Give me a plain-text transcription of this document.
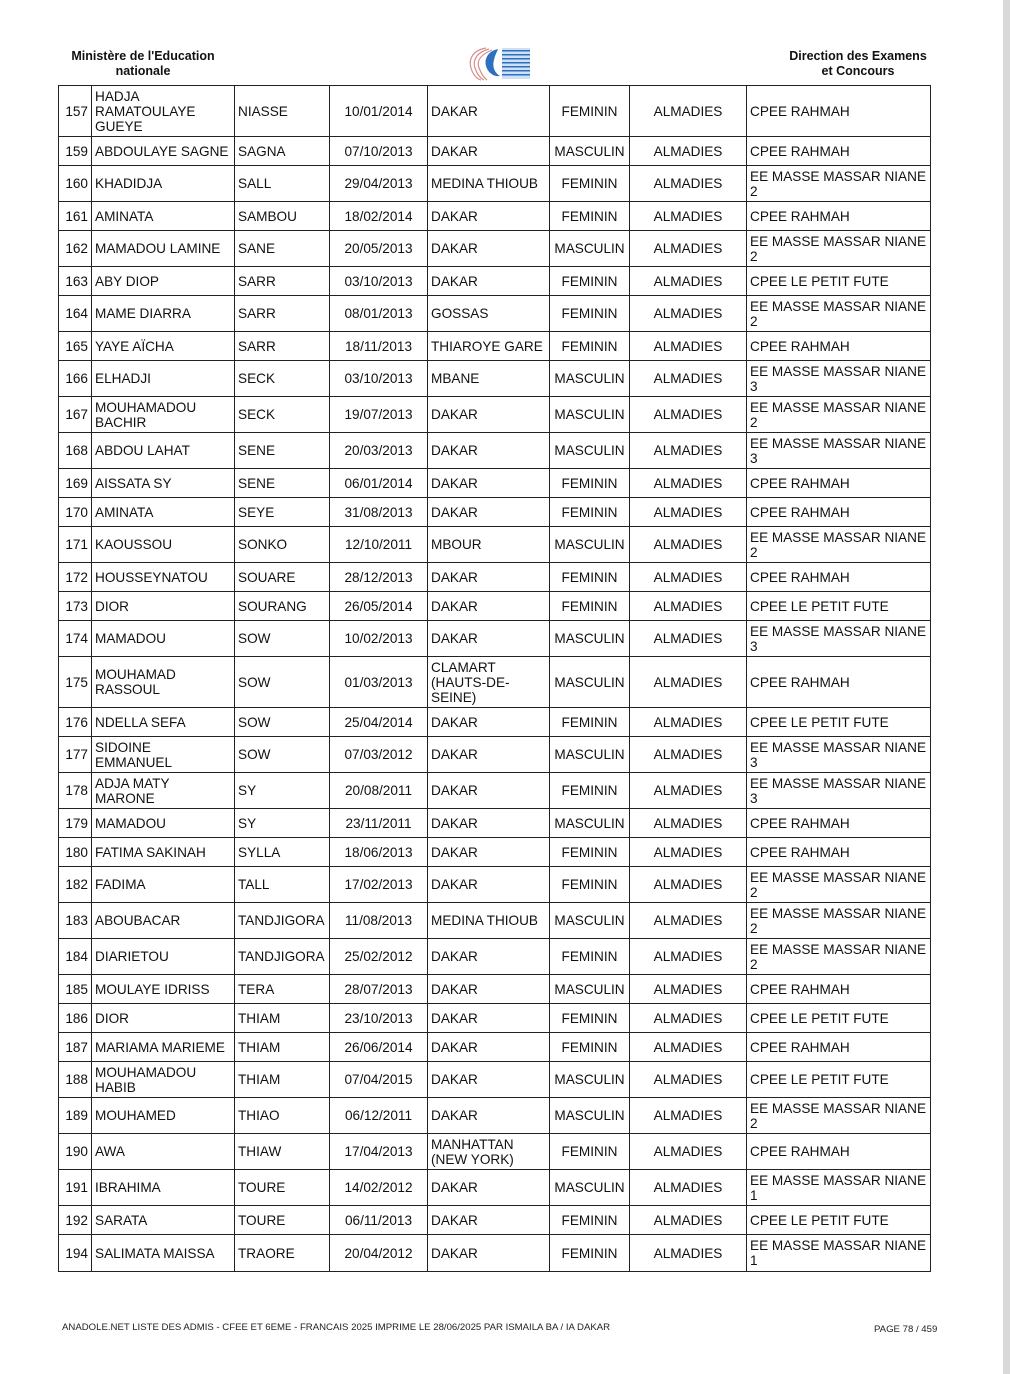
Ministère de l'Education
nationale
Direction des Examens
et Concours
157	HADJA RAMATOULAYE GUEYE	NIASSE	10/01/2014	DAKAR	FEMININ	ALMADIES	CPEE RAHMAH
159	ABDOULAYE SAGNE	SAGNA	07/10/2013	DAKAR	MASCULIN	ALMADIES	CPEE RAHMAH
160	KHADIDJA	SALL	29/04/2013	MEDINA THIOUB	FEMININ	ALMADIES	EE MASSE MASSAR NIANE 2
161	AMINATA	SAMBOU	18/02/2014	DAKAR	FEMININ	ALMADIES	CPEE RAHMAH
162	MAMADOU LAMINE	SANE	20/05/2013	DAKAR	MASCULIN	ALMADIES	EE MASSE MASSAR NIANE 2
163	ABY DIOP	SARR	03/10/2013	DAKAR	FEMININ	ALMADIES	CPEE LE PETIT FUTE
164	MAME DIARRA	SARR	08/01/2013	GOSSAS	FEMININ	ALMADIES	EE MASSE MASSAR NIANE 2
165	YAYE AÏCHA	SARR	18/11/2013	THIAROYE GARE	FEMININ	ALMADIES	CPEE RAHMAH
166	ELHADJI	SECK	03/10/2013	MBANE	MASCULIN	ALMADIES	EE MASSE MASSAR NIANE 3
167	MOUHAMADOU BACHIR	SECK	19/07/2013	DAKAR	MASCULIN	ALMADIES	EE MASSE MASSAR NIANE 2
168	ABDOU LAHAT	SENE	20/03/2013	DAKAR	MASCULIN	ALMADIES	EE MASSE MASSAR NIANE 3
169	AISSATA SY	SENE	06/01/2014	DAKAR	FEMININ	ALMADIES	CPEE RAHMAH
170	AMINATA	SEYE	31/08/2013	DAKAR	FEMININ	ALMADIES	CPEE RAHMAH
171	KAOUSSOU	SONKO	12/10/2011	MBOUR	MASCULIN	ALMADIES	EE MASSE MASSAR NIANE 2
172	HOUSSEYNATOU	SOUARE	28/12/2013	DAKAR	FEMININ	ALMADIES	CPEE RAHMAH
173	DIOR	SOURANG	26/05/2014	DAKAR	FEMININ	ALMADIES	CPEE LE PETIT FUTE
174	MAMADOU	SOW	10/02/2013	DAKAR	MASCULIN	ALMADIES	EE MASSE MASSAR NIANE 3
175	MOUHAMAD RASSOUL	SOW	01/03/2013	CLAMART (HAUTS-DE-SEINE)	MASCULIN	ALMADIES	CPEE RAHMAH
176	NDELLA SEFA	SOW	25/04/2014	DAKAR	FEMININ	ALMADIES	CPEE LE PETIT FUTE
177	SIDOINE EMMANUEL	SOW	07/03/2012	DAKAR	MASCULIN	ALMADIES	EE MASSE MASSAR NIANE 3
178	ADJA MATY MARONE	SY	20/08/2011	DAKAR	FEMININ	ALMADIES	EE MASSE MASSAR NIANE 3
179	MAMADOU	SY	23/11/2011	DAKAR	MASCULIN	ALMADIES	CPEE RAHMAH
180	FATIMA SAKINAH	SYLLA	18/06/2013	DAKAR	FEMININ	ALMADIES	CPEE RAHMAH
182	FADIMA	TALL	17/02/2013	DAKAR	FEMININ	ALMADIES	EE MASSE MASSAR NIANE 2
183	ABOUBACAR	TANDJIGORA	11/08/2013	MEDINA THIOUB	MASCULIN	ALMADIES	EE MASSE MASSAR NIANE 2
184	DIARIETOU	TANDJIGORA	25/02/2012	DAKAR	FEMININ	ALMADIES	EE MASSE MASSAR NIANE 2
185	MOULAYE IDRISS	TERA	28/07/2013	DAKAR	MASCULIN	ALMADIES	CPEE RAHMAH
186	DIOR	THIAM	23/10/2013	DAKAR	FEMININ	ALMADIES	CPEE LE PETIT FUTE
187	MARIAMA MARIEME	THIAM	26/06/2014	DAKAR	FEMININ	ALMADIES	CPEE RAHMAH
188	MOUHAMADOU HABIB	THIAM	07/04/2015	DAKAR	MASCULIN	ALMADIES	CPEE LE PETIT FUTE
189	MOUHAMED	THIAO	06/12/2011	DAKAR	MASCULIN	ALMADIES	EE MASSE MASSAR NIANE 2
190	AWA	THIAW	17/04/2013	MANHATTAN (NEW YORK)	FEMININ	ALMADIES	CPEE RAHMAH
191	IBRAHIMA	TOURE	14/02/2012	DAKAR	MASCULIN	ALMADIES	EE MASSE MASSAR NIANE 1
192	SARATA	TOURE	06/11/2013	DAKAR	FEMININ	ALMADIES	CPEE LE PETIT FUTE
194	SALIMATA MAISSA	TRAORE	20/04/2012	DAKAR	FEMININ	ALMADIES	EE MASSE MASSAR NIANE 1
ANADOLE.NET LISTE DES ADMIS - CFEE ET 6EME - FRANCAIS 2025 IMPRIME LE 28/06/2025 PAR ISMAILA BA / IA DAKAR	PAGE 78 / 459
